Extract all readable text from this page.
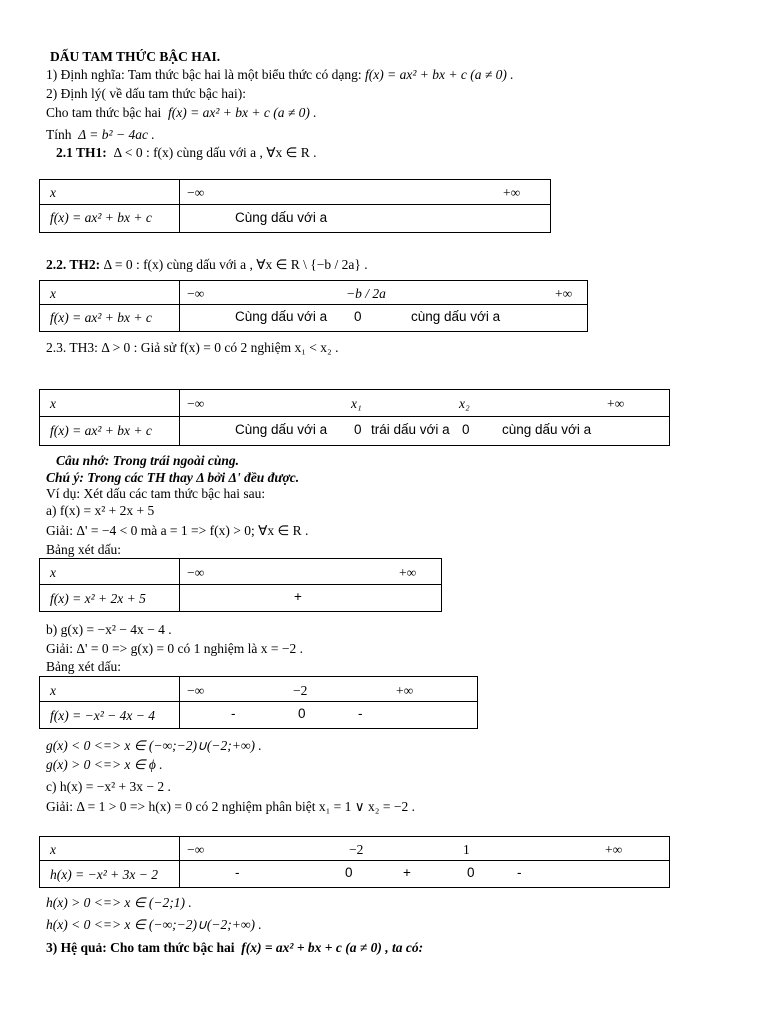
DẤU TAM THỨC BẬC HAI.
1) Định nghĩa: Tam thức bậc hai là một biểu thức có dạng: f(x) = ax² + bx + c (a ≠ 0) .
2) Định lý( về dấu tam thức bậc hai):
Cho tam thức bậc hai f(x) = ax² + bx + c (a ≠ 0) .
Tính Δ = b² − 4ac .
2.1 TH1: Δ < 0 : f(x) cùng dấu với a , ∀x ∈ R .
x	−∞	+∞
f(x) = ax² + bx + c	Cùng dấu với a
2.2. TH2: Δ = 0 : f(x) cùng dấu với a , ∀x ∈ R \ {−b / 2a} .
x	−∞	−b / 2a	+∞
f(x) = ax² + bx + c	Cùng dấu với a 0	cùng dấu với a
2.3. TH3: Δ > 0 : Giả sử f(x) = 0 có 2 nghiệm x₁ < x₂ .
x	−∞	x₁	x₂	+∞
f(x) = ax² + bx + c	Cùng dấu với a 0 trái dấu với a 0 cùng dấu với a
Câu nhớ: Trong trái ngoài cùng.
Chú ý: Trong các TH thay Δ bởi Δ' đều được.
Ví dụ: Xét dấu các tam thức bậc hai sau:
a) f(x) = x² + 2x + 5
Giải: Δ' = −4 < 0 mà a = 1 => f(x) > 0; ∀x ∈ R .
Bảng xét dấu:
x	−∞	+∞
f(x) = x² + 2x + 5	+
b) g(x) = −x² − 4x − 4 .
Giải: Δ' = 0 => g(x) = 0 có 1 nghiệm là x = −2 .
Bảng xét dấu:
x	−∞	−2	+∞
f(x) = −x² − 4x − 4	-	0	-
g(x) < 0 <=> x ∈ (−∞;−2)∪(−2;+∞) .
g(x) > 0 <=> x ∈ ϕ .
c) h(x) = −x² + 3x − 2 .
Giải: Δ = 1 > 0 => h(x) = 0 có 2 nghiệm phân biệt x₁ = 1 ∨ x₂ = −2 .
x	−∞	−2	1	+∞
h(x) = −x² + 3x − 2	-	0	+	0	-
h(x) > 0 <=> x ∈ (−2;1) .
h(x) < 0 <=> x ∈ (−∞;−2)∪(−2;+∞) .
3) Hệ quả: Cho tam thức bậc hai f(x) = ax² + bx + c (a ≠ 0) , ta có:
